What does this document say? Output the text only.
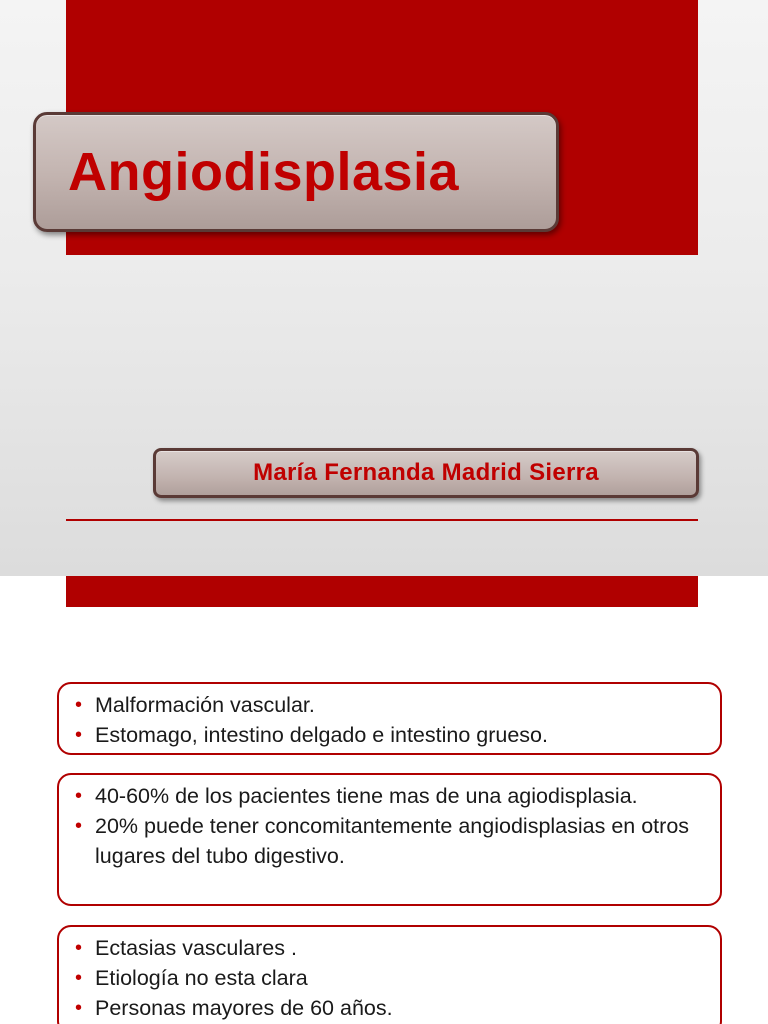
Angiodisplasia
María Fernanda Madrid Sierra
• Malformación vascular.
• Estomago, intestino delgado e intestino grueso.
• 40-60% de los pacientes tiene mas de una agiodisplasia.
• 20% puede tener concomitantemente angiodisplasias en otros lugares del tubo digestivo.
• Ectasias vasculares .
• Etiología no esta clara
• Personas mayores de 60 años.
